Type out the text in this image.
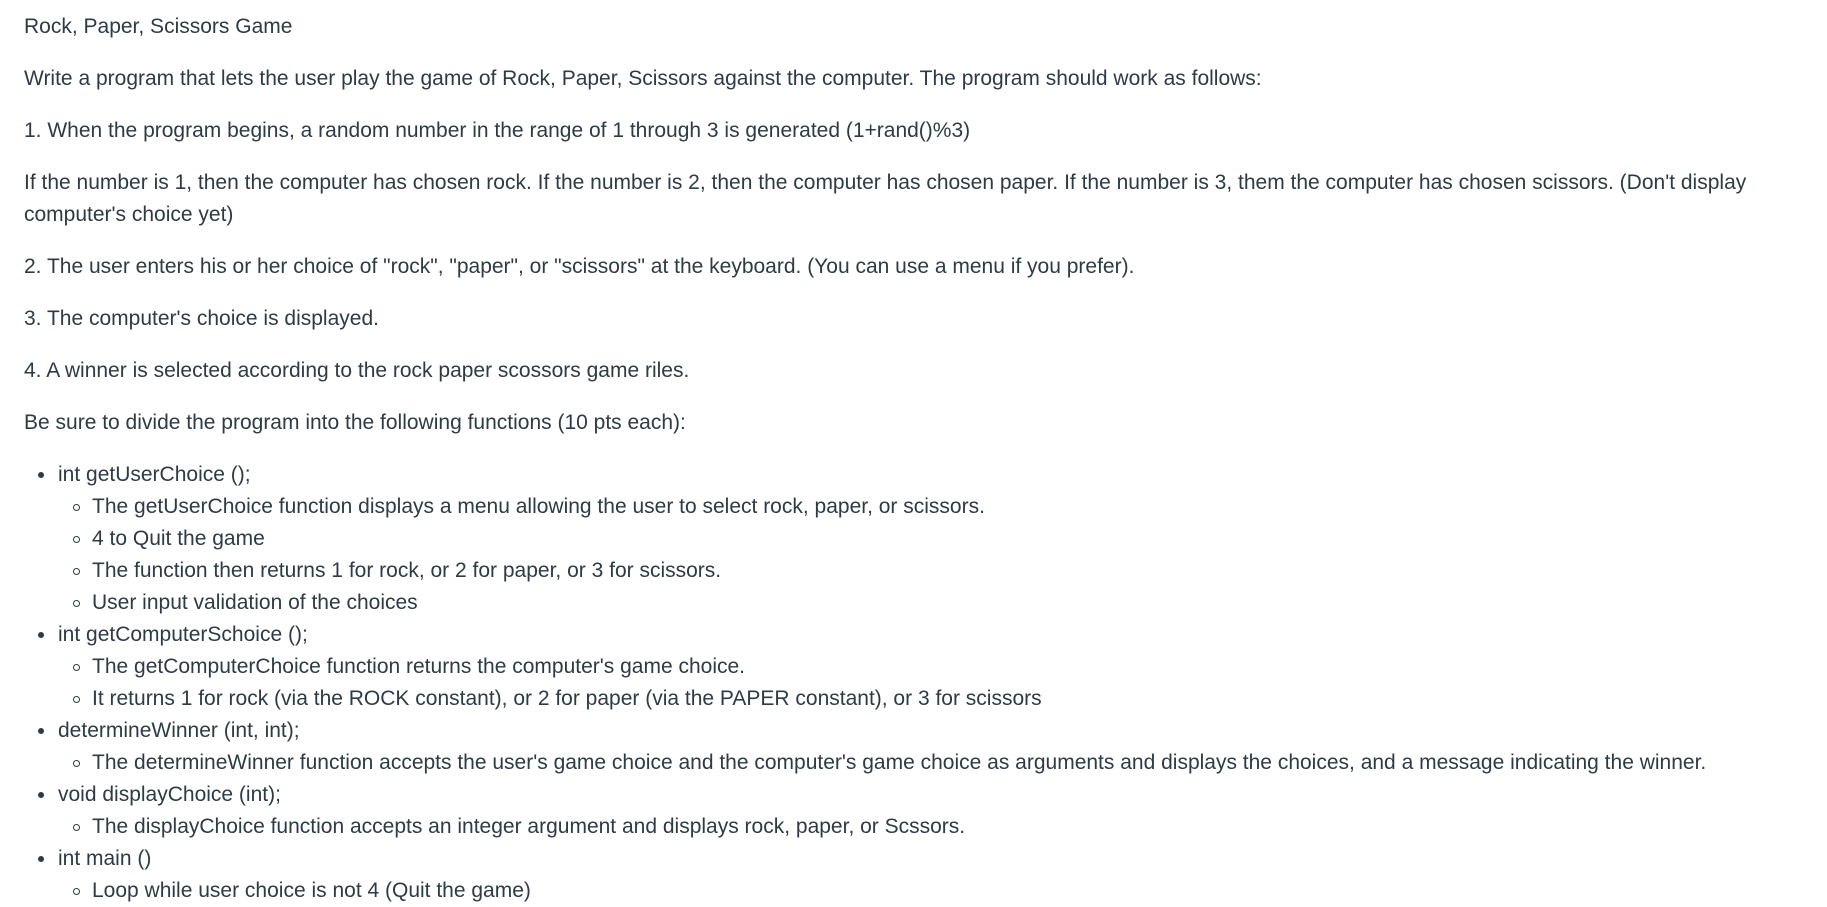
Rock, Paper, Scissors Game

Write a program that lets the user play the game of Rock, Paper, Scissors against the computer. The program should work as follows:

1. When the program begins, a random number in the range of 1 through 3 is generated (1+rand()%3)

If the number is 1, then the computer has chosen rock. If the number is 2, then the computer has chosen paper. If the number is 3, them the computer has chosen scissors. (Don't display computer's choice yet)

2. The user enters his or her choice of "rock", "paper", or "scissors" at the keyboard. (You can use a menu if you prefer).

3. The computer's choice is displayed.

4. A winner is selected according to the rock paper scossors game riles.

Be sure to divide the program into the following functions (10 pts each):

int getUserChoice ();
The getUserChoice function displays a menu allowing the user to select rock, paper, or scissors.
4 to Quit the game
The function then returns 1 for rock, or 2 for paper, or 3 for scissors.
User input validation of the choices
int getComputerSchoice ();
The getComputerChoice function returns the computer's game choice.
It returns 1 for rock (via the ROCK constant), or 2 for paper (via the PAPER constant), or 3 for scissors
determineWinner (int, int);
The determineWinner function accepts the user's game choice and the computer's game choice as arguments and displays the choices, and a message indicating the winner.
void displayChoice (int);
The displayChoice function accepts an integer argument and displays rock, paper, or Scssors.
int main ()
Loop while user choice is not 4 (Quit the game)
